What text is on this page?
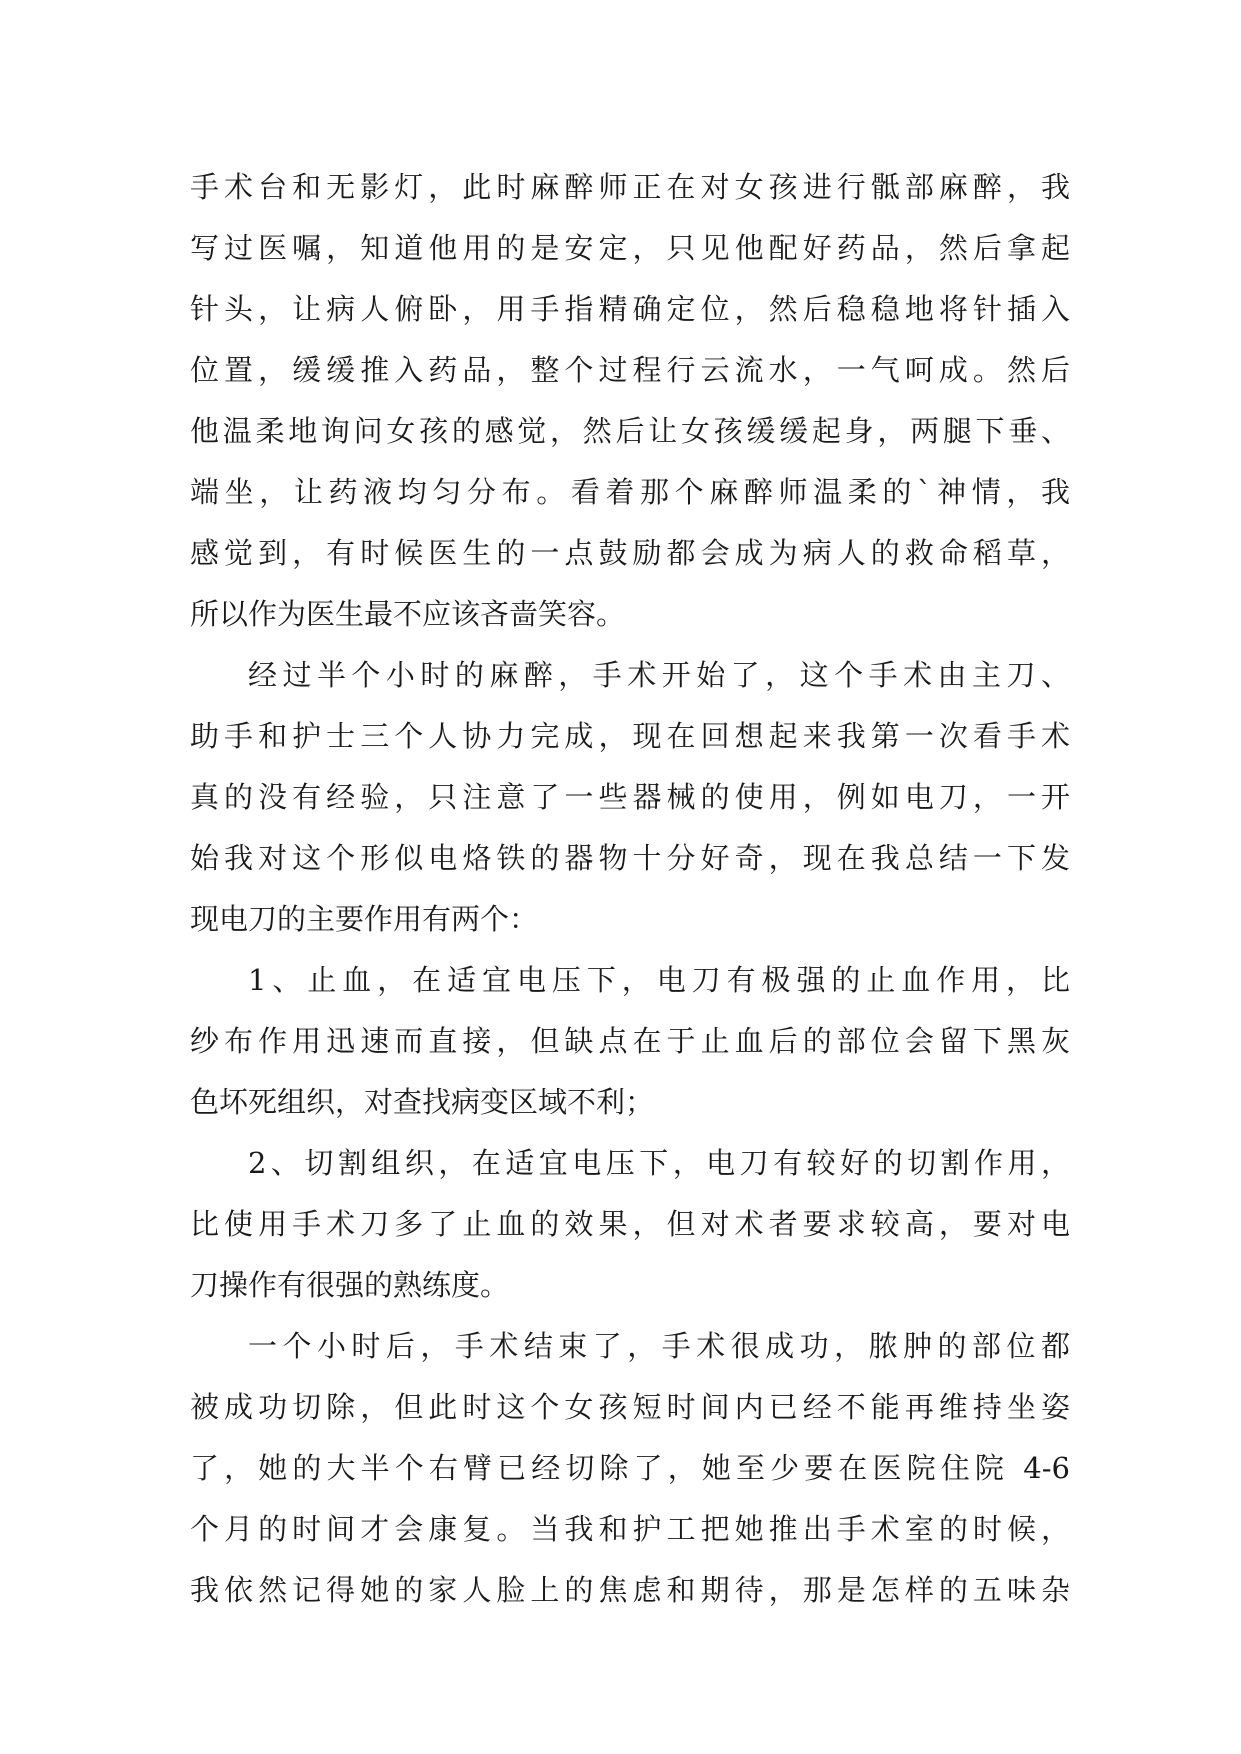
手术台和无影灯，此时麻醉师正在对女孩进行骶部麻醉，我
写过医嘱，知道他用的是安定，只见他配好药品，然后拿起
针头，让病人俯卧，用手指精确定位，然后稳稳地将针插入
位置，缓缓推入药品，整个过程行云流水，一气呵成。然后
他温柔地询问女孩的感觉，然后让女孩缓缓起身，两腿下垂、
端坐，让药液均匀分布。看着那个麻醉师温柔的`神情，我
感觉到，有时候医生的一点鼓励都会成为病人的救命稻草，
所以作为医生最不应该吝啬笑容。
经过半个小时的麻醉，手术开始了，这个手术由主刀、
助手和护士三个人协力完成，现在回想起来我第一次看手术
真的没有经验，只注意了一些器械的使用，例如电刀，一开
始我对这个形似电烙铁的器物十分好奇，现在我总结一下发
现电刀的主要作用有两个：
1、止血，在适宜电压下，电刀有极强的止血作用，比
纱布作用迅速而直接，但缺点在于止血后的部位会留下黑灰
色坏死组织，对查找病变区域不利；
2、切割组织，在适宜电压下，电刀有较好的切割作用，
比使用手术刀多了止血的效果，但对术者要求较高，要对电
刀操作有很强的熟练度。
一个小时后，手术结束了，手术很成功，脓肿的部位都
被成功切除，但此时这个女孩短时间内已经不能再维持坐姿
了，她的大半个右臂已经切除了，她至少要在医院住院 4-6
个月的时间才会康复。当我和护工把她推出手术室的时候，
我依然记得她的家人脸上的焦虑和期待，那是怎样的五味杂
